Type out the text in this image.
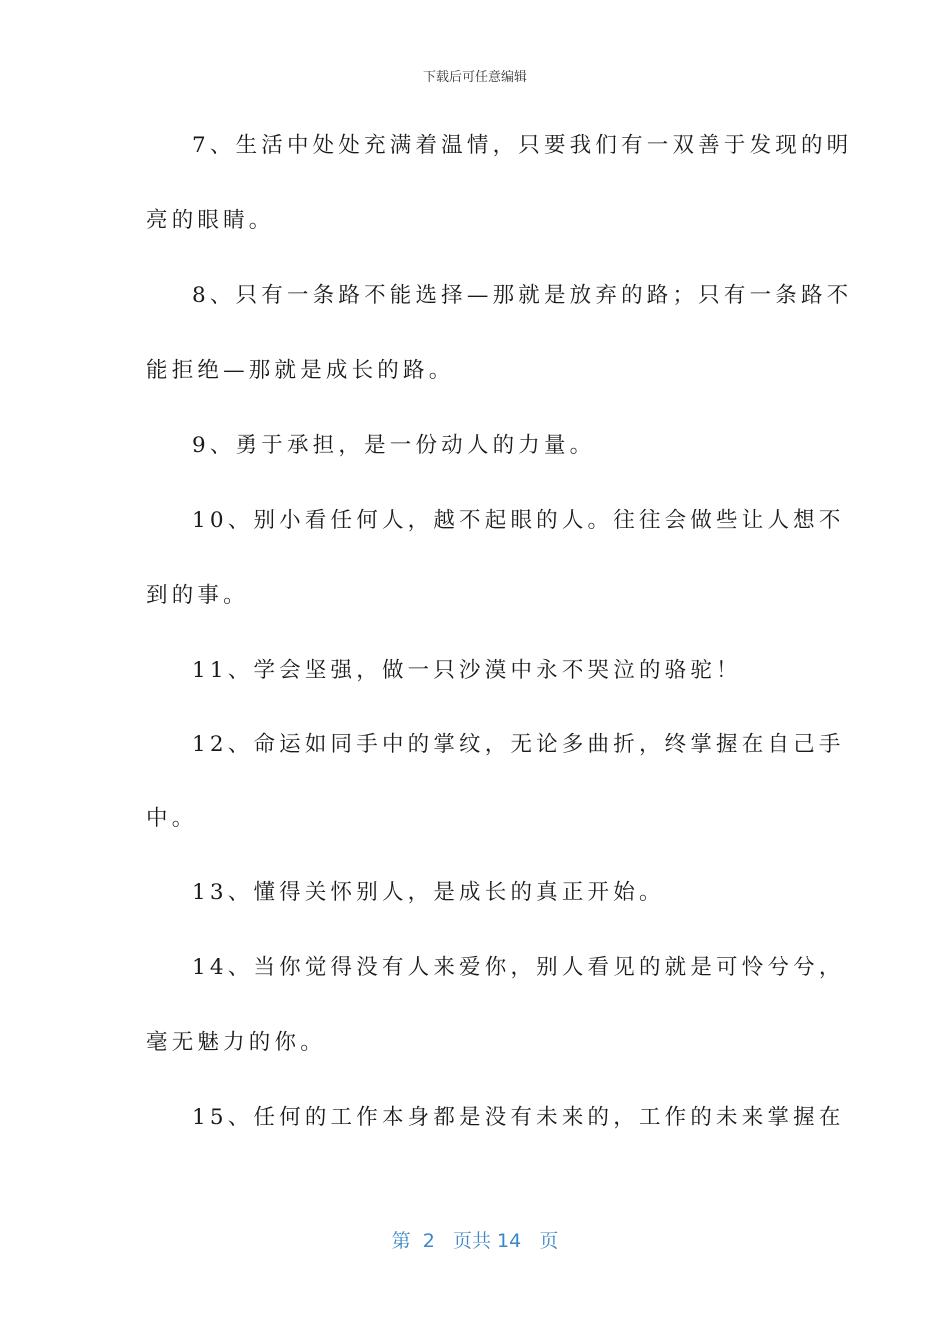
下载后可任意编辑
7、生活中处处充满着温情，只要我们有一双善于发现的明
亮的眼睛。
8、只有一条路不能选择—那就是放弃的路；只有一条路不
能拒绝—那就是成长的路。
9、勇于承担，是一份动人的力量。
10、别小看任何人，越不起眼的人。往往会做些让人想不
到的事。
11、学会坚强，做一只沙漠中永不哭泣的骆驼！
12、命运如同手中的掌纹，无论多曲折，终掌握在自己手
中。
13、懂得关怀别人，是成长的真正开始。
14、当你觉得没有人来爱你，别人看见的就是可怜兮兮，
毫无魅力的你。
15、任何的工作本身都是没有未来的，工作的未来掌握在
第 2 页共 14 页
